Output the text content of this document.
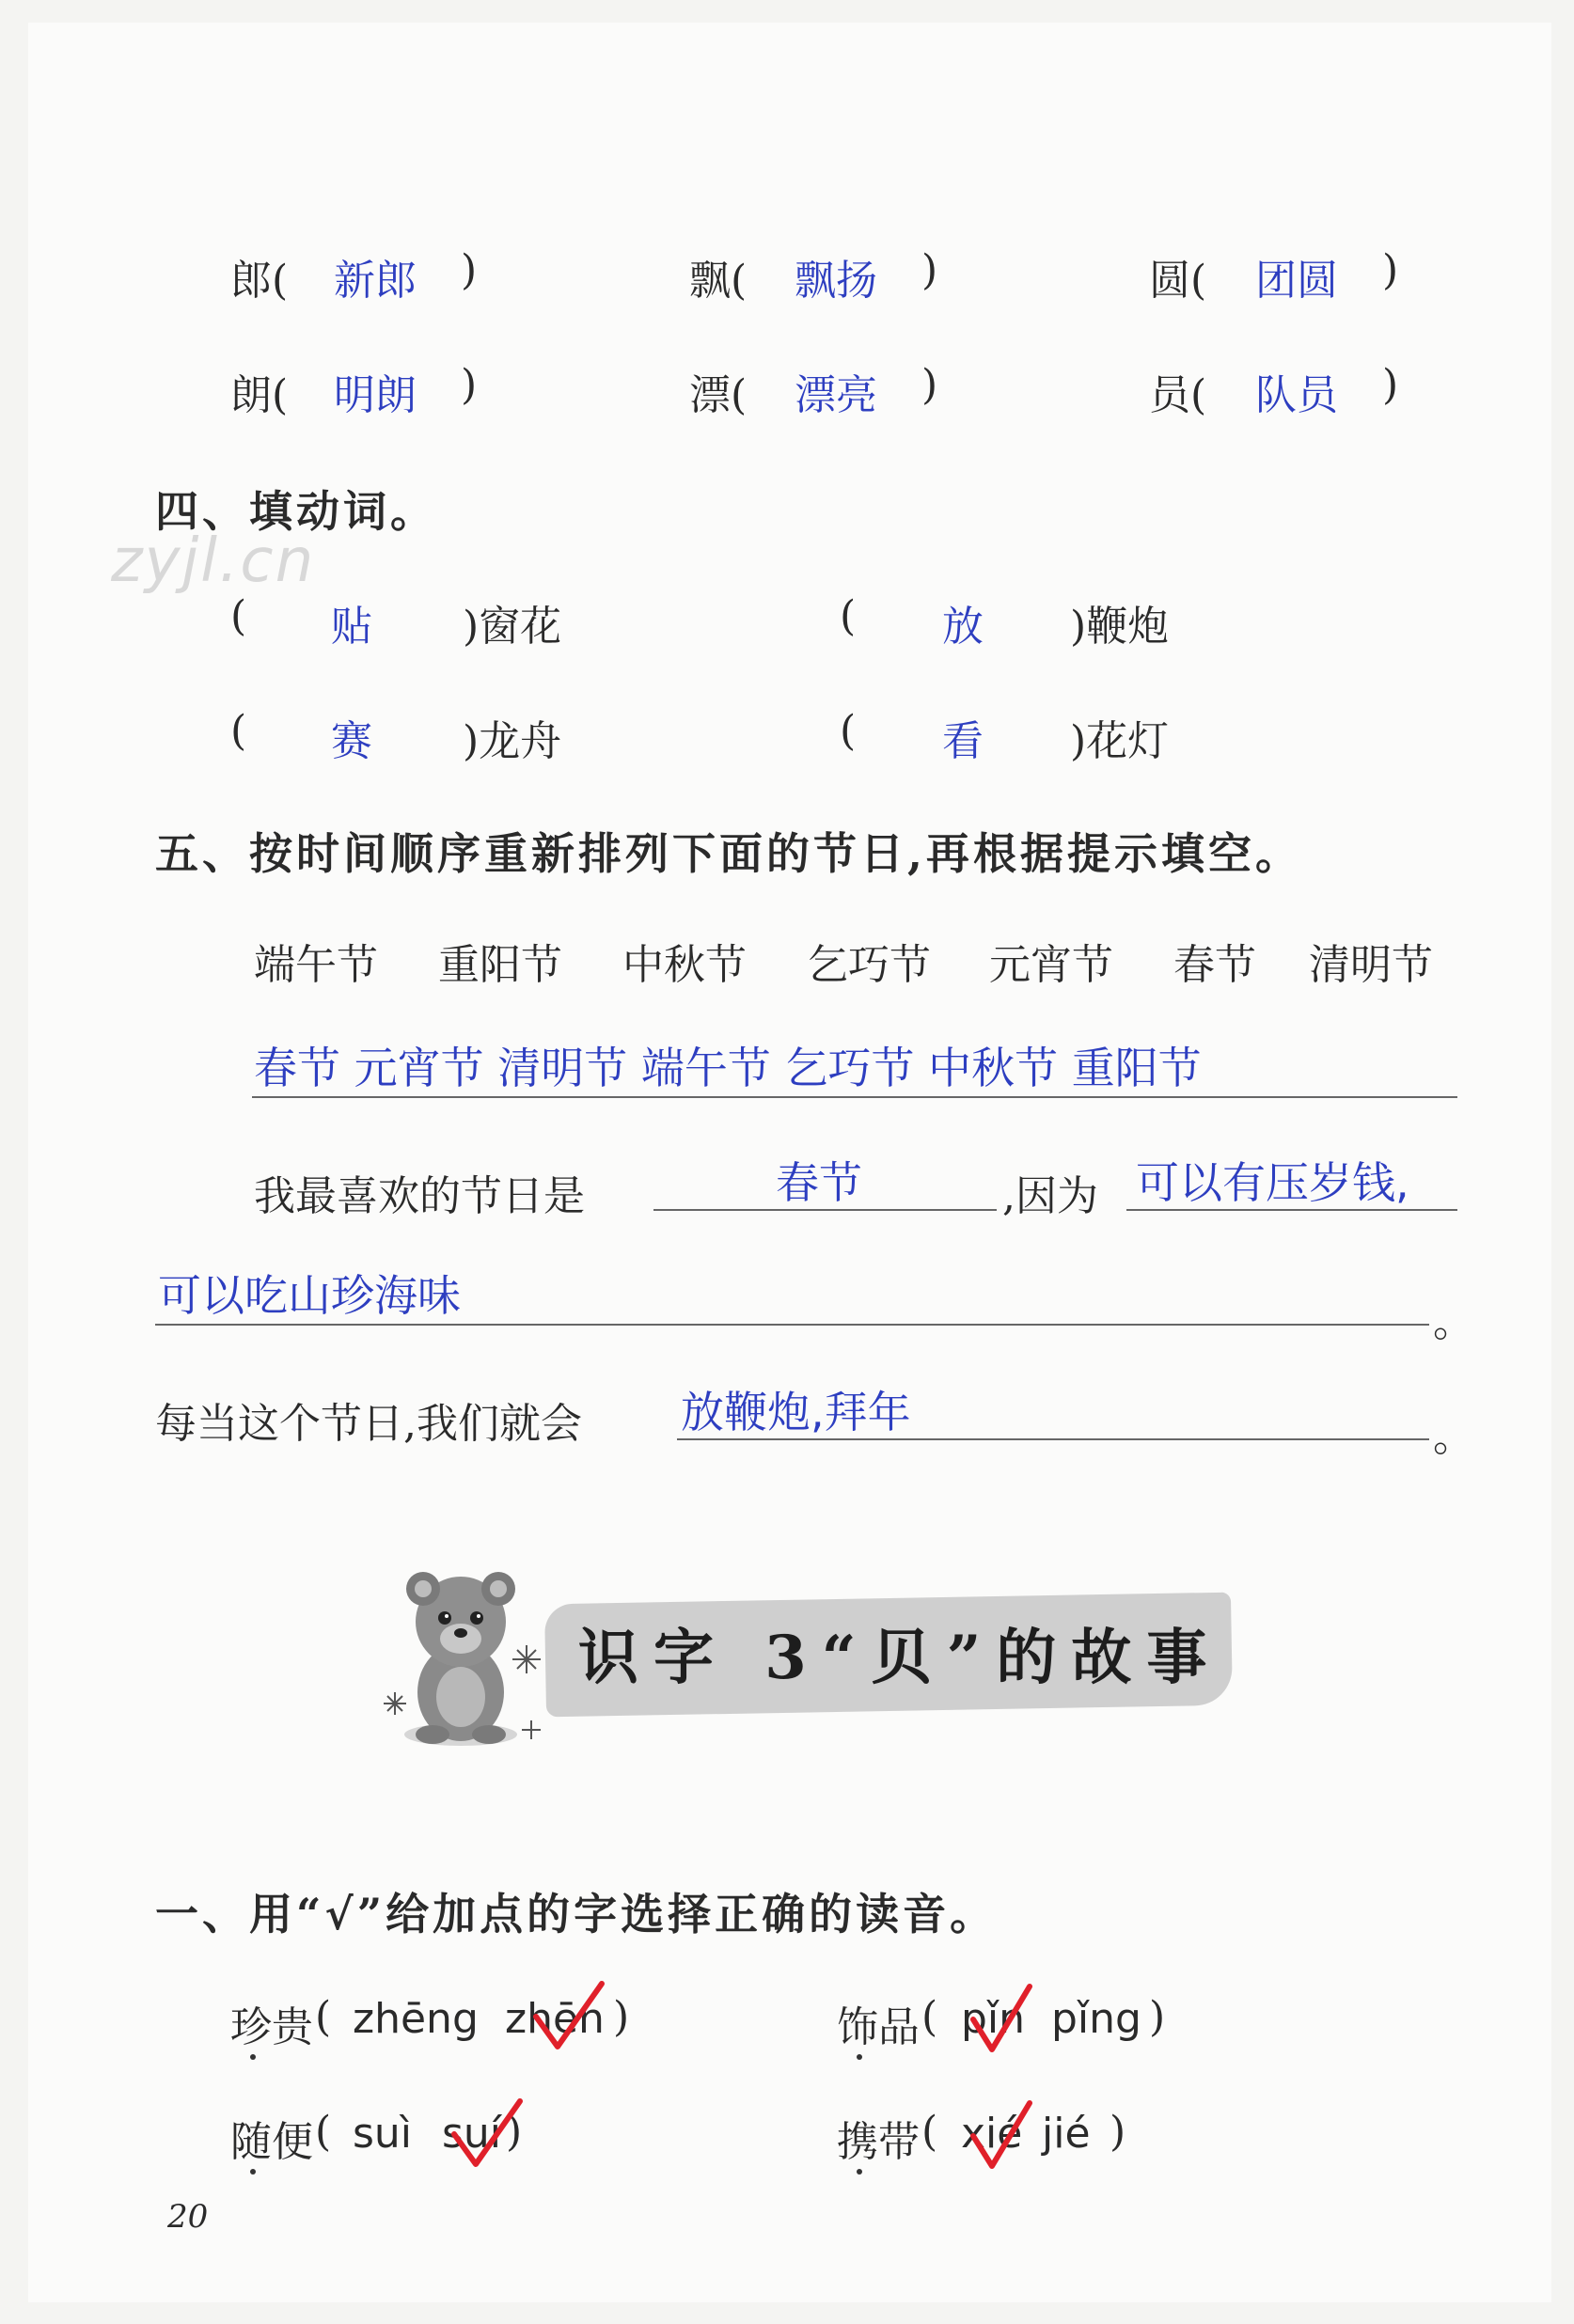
郎( 新郎 )	飘( 飘扬 )	圆( 团圆 )
朗( 明朗 )	漂( 漂亮 )	员( 队员 )
四、填动词。
zyjl.cn
( 贴 )窗花	( 放 )鞭炮
( 赛 )龙舟	( 看 )花灯
五、按时间顺序重新排列下面的节日,再根据提示填空。
端午节 重阳节 中秋节 乞巧节 元宵节 春节 清明节
春节 元宵节 清明节 端午节 乞巧节 中秋节 重阳节
我最喜欢的节日是	春节	,因为 可以有压岁钱,
可以吃山珍海味
。
每当这个节日,我们就会 放鞭炮,拜年	。
识字 3“贝”的故事
一、用“√”给加点的字选择正确的读音。
珍贵 ( zhēng zhēn )	饰品 ( pǐn pǐng )
随便 ( suì suí )	携带 ( xié jié )
20
